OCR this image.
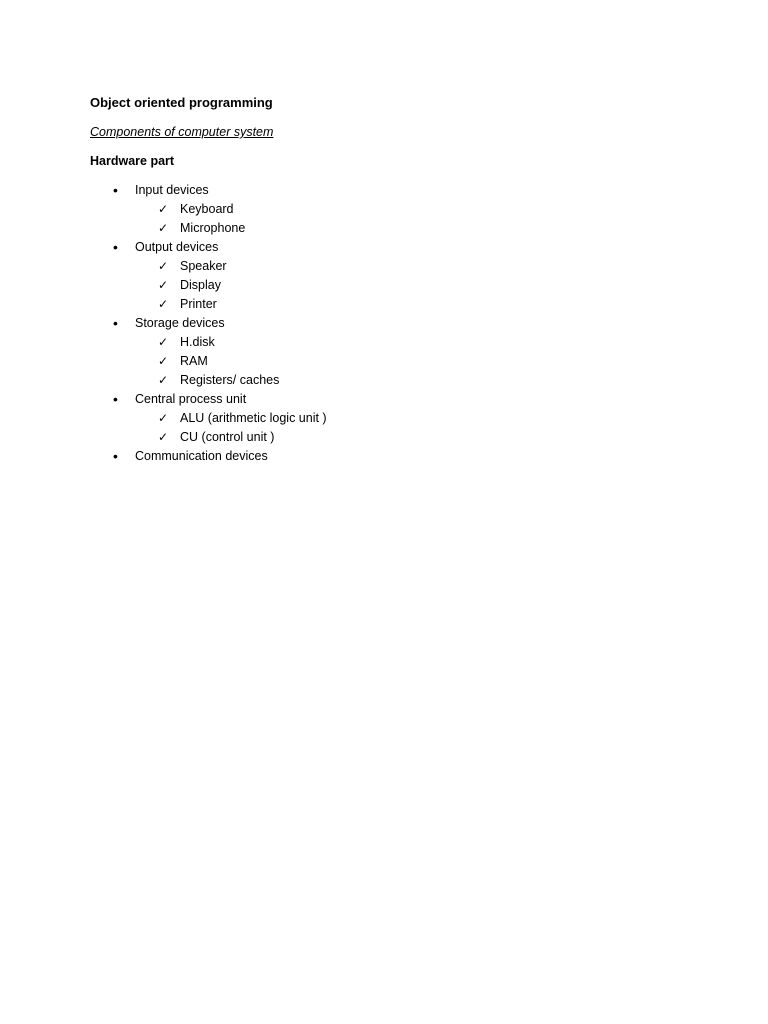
Object oriented programming
Components of computer system
Hardware part
•	Input devices
✓ Keyboard
✓ Microphone
•	Output devices
✓ Speaker
✓ Display
✓ Printer
•	Storage devices
✓ H.disk
✓ RAM
✓ Registers/ caches
•	Central process unit
✓ ALU (arithmetic logic unit )
✓ CU (control unit )
•	Communication devices
